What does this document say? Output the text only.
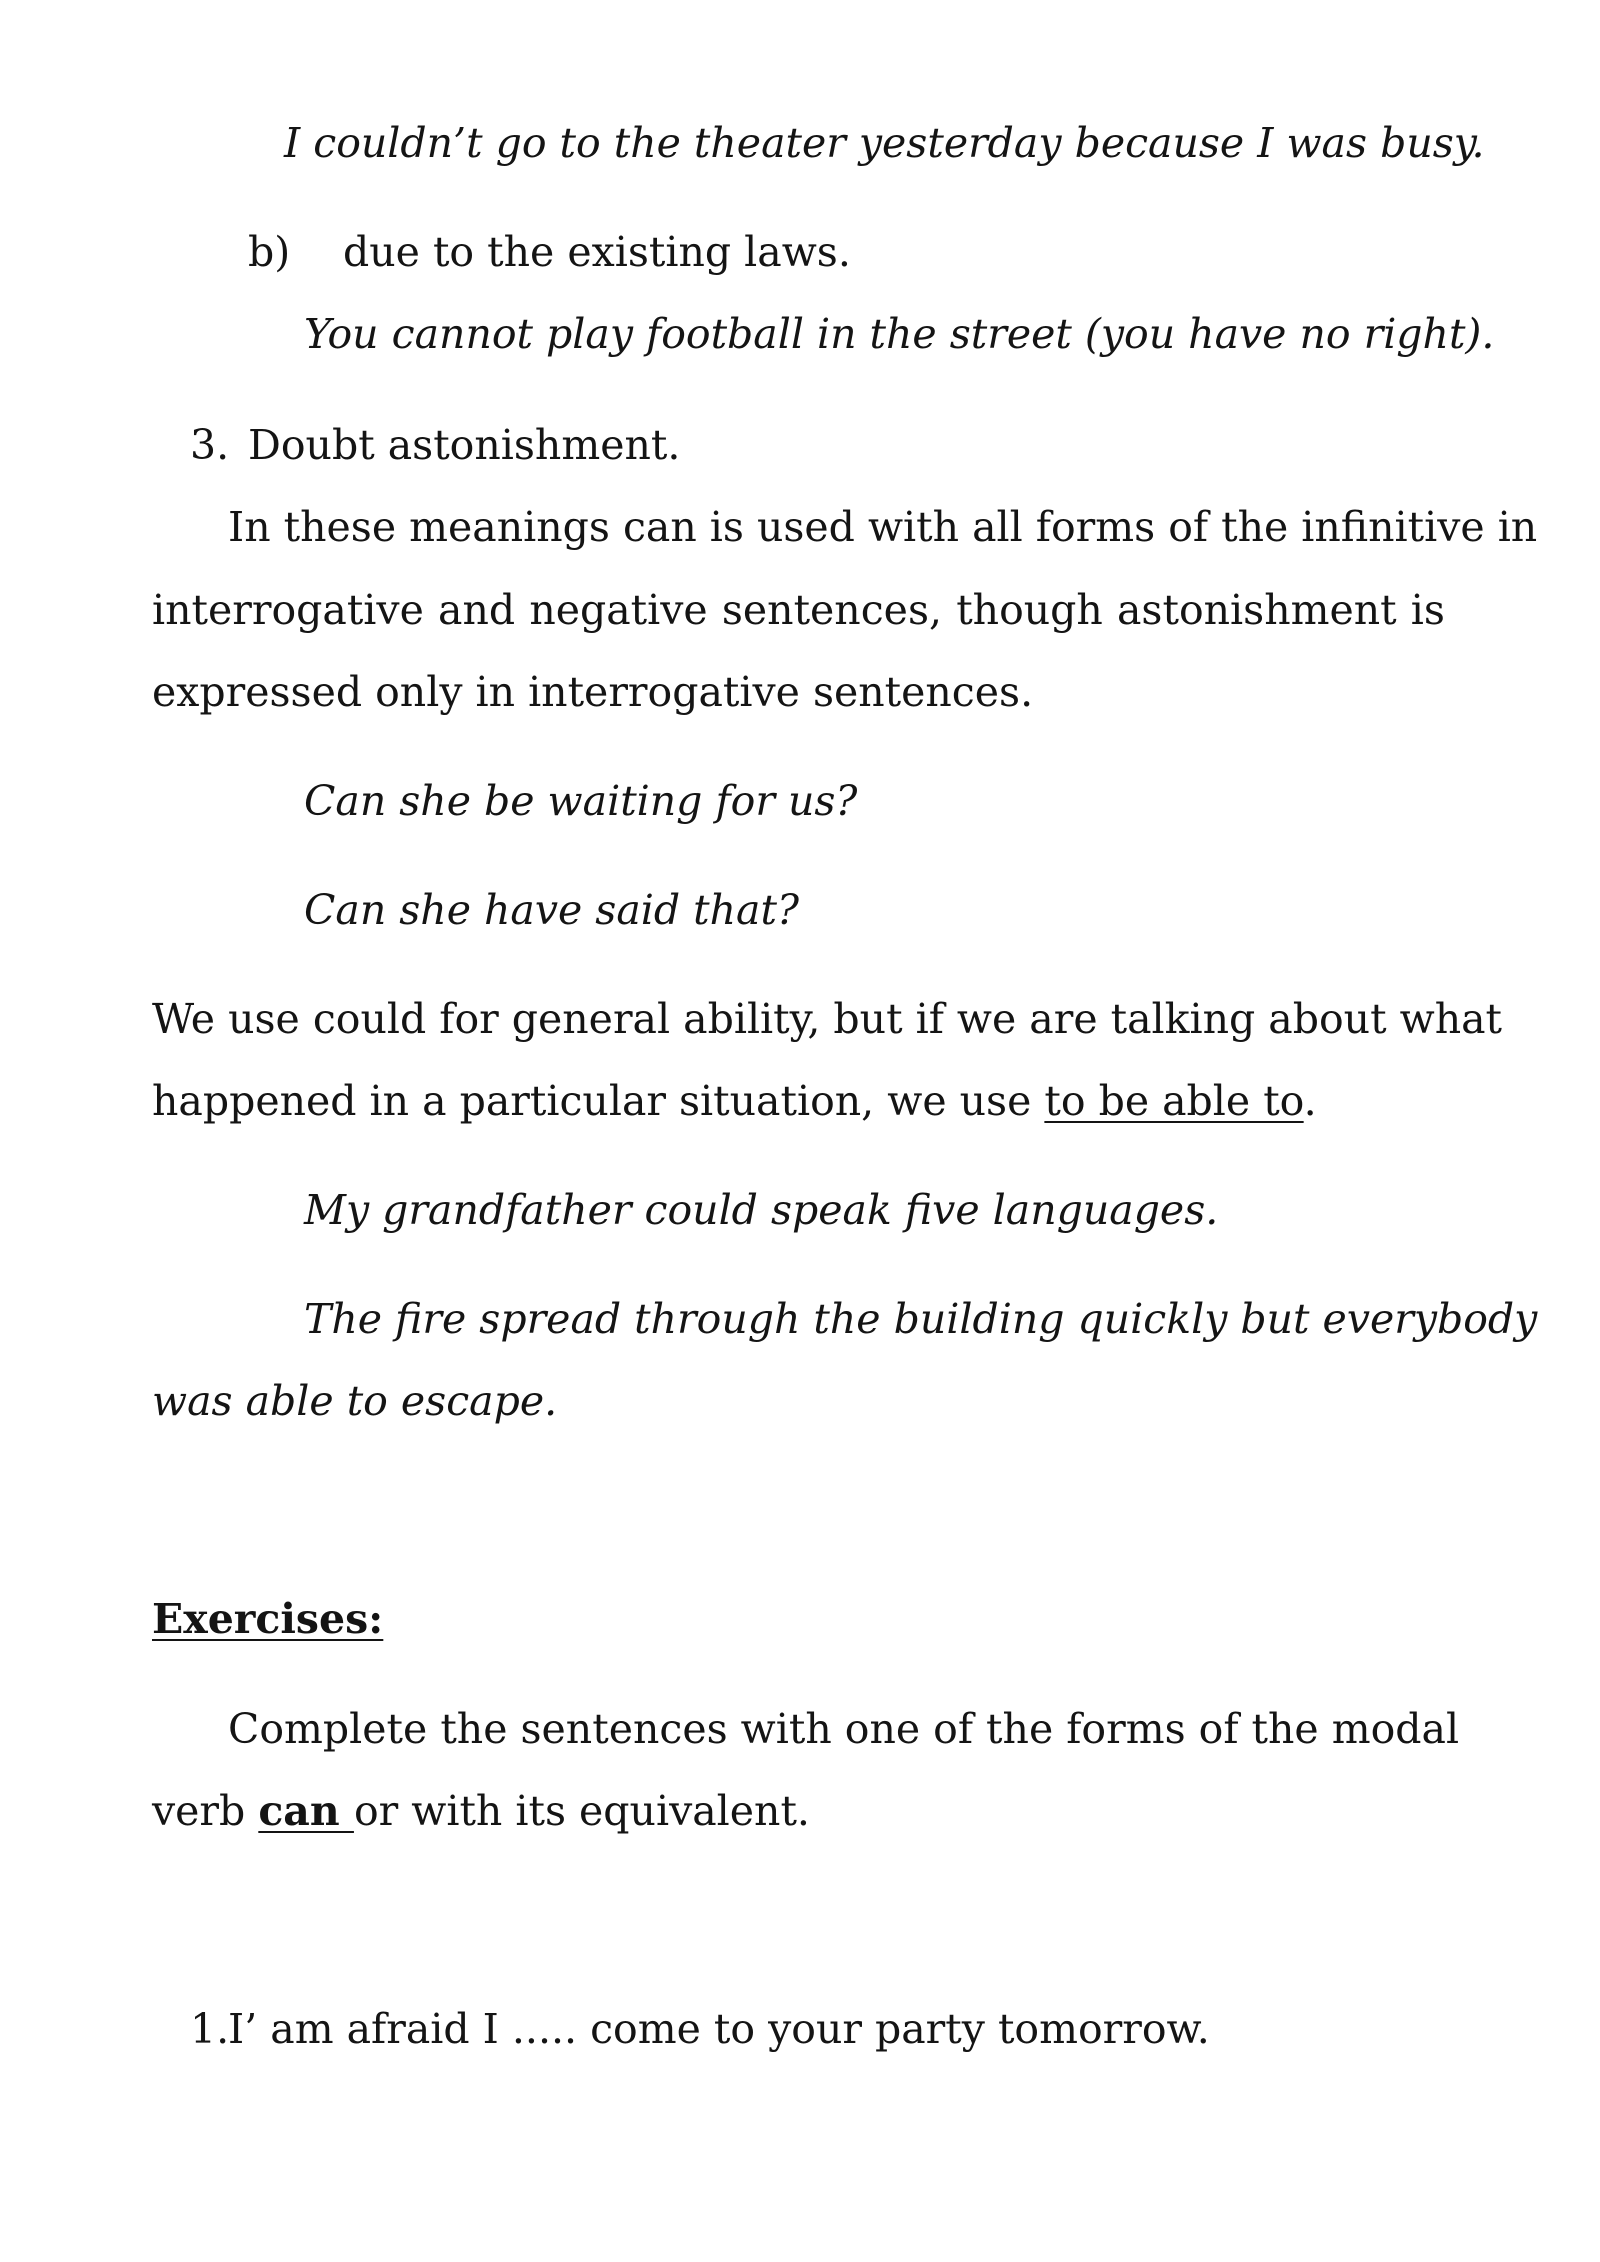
I couldn’t go to the theater yesterday because I was busy.

b) due to the existing laws.

You cannot play football in the street (you have no right).

3. Doubt astonishment.

In these meanings can is used with all forms of the infinitive in

interrogative and negative sentences, though astonishment is

expressed only in interrogative sentences.

Can she be waiting for us?

Can she have said that?

We use could for general ability, but if we are talking about what

happened in a particular situation, we use to be able to.

My grandfather could speak five languages.

The fire spread through the building quickly but everybody

was able to escape.

Exercises:

Complete the sentences with one of the forms of the modal

verb can or with its equivalent.

1.

I’ am afraid I ..... come to your party tomorrow.
